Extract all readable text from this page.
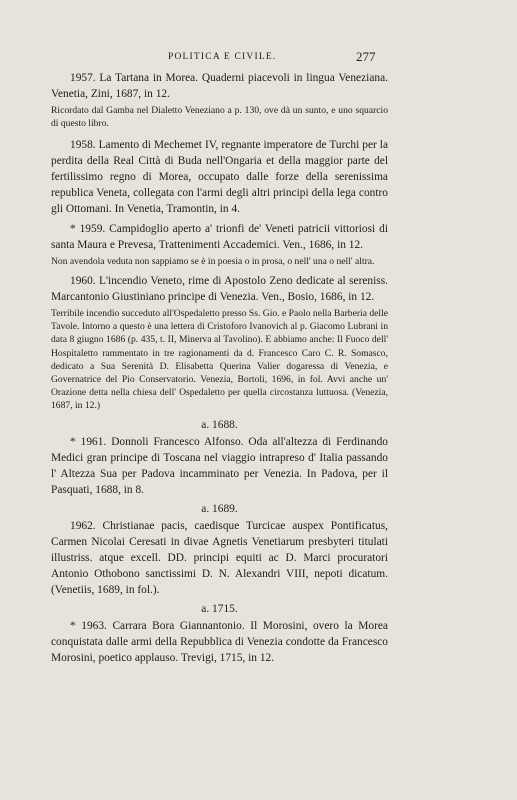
POLITICA E CIVILE.	277

1957. La Tartana in Morea. Quaderni piacevoli in lingua Veneziana. Venetia, Zini, 1687, in 12.

Ricordato dal Gamba nel Dialetto Veneziano a p. 130, ove dà un sunto, e uno squarcio di questo libro.

1958. Lamento di Mechemet IV, regnante imperatore de Turchi per la perdita della Real Città di Buda nell'Ongaria et della maggior parte del fertilissimo regno di Morea, occupato dalle forze della serenissima republica Veneta, collegata con l'armi degli altri principi della lega contro gli Ottomani. In Venetia, Tramontin, in 4.

* 1959. Campidoglio aperto a' trionfi de' Veneti patricii vittoriosi di santa Maura e Prevesa, Trattenimenti Accademici. Ven., 1686, in 12.

Non avendola veduta non sappiamo se è in poesia o in prosa, o nell' una o nell' altra.

1960. L'incendio Veneto, rime di Apostolo Zeno dedicate al sereniss. Marcantonio Giustiniano principe di Venezia. Ven., Bosio, 1686, in 12.

Terribile incendio succeduto all'Ospedaletto presso Ss. Gio. e Paolo nella Barberia delle Tavole. Intorno a questo è una lettera di Cristoforo Ivanovich al p. Giacomo Lubrani in data 8 giugno 1686 (p. 435, t. II, Minerva al Tavolino). E abbiamo anche: Il Fuoco dell' Hospitaletto rammentato in tre ragionamenti da d. Francesco Caro C. R. Somasco, dedicato a Sua Serenità D. Elisabetta Querina Valier dogaressa di Venezia, e Governatrice del Pio Conservatorio. Venezia, Bortoli, 1696, in fol. Avvi anche un' Orazione detta nella chiesa dell' Ospedaletto per quella circostanza luttuosa. (Venezia, 1687, in 12.)

a. 1688.

* 1961. Donnoli Francesco Alfonso. Oda all'altezza di Ferdinando Medici gran principe di Toscana nel viaggio intrapreso d' Italia passando l' Altezza Sua per Padova incamminato per Venezia. In Padova, per il Pasquati, 1688, in 8.

a. 1689.

1962. Christianae pacis, caedisque Turcicae auspex Pontificatus, Carmen Nicolai Ceresati in divae Agnetis Venetiarum presbyteri titulati illustriss. atque excell. DD. principi equiti ac D. Marci procuratori Antonio Othobono sanctissimi D. N. Alexandri VIII, nepoti dicatum. (Venetiis, 1689, in fol.).

a. 1715.

* 1963. Carrara Bora Giannantonio. Il Morosini, overo la Morea conquistata dalle armi della Repubblica di Venezia condotte da Francesco Morosini, poetico applauso. Trevigi, 1715, in 12.
